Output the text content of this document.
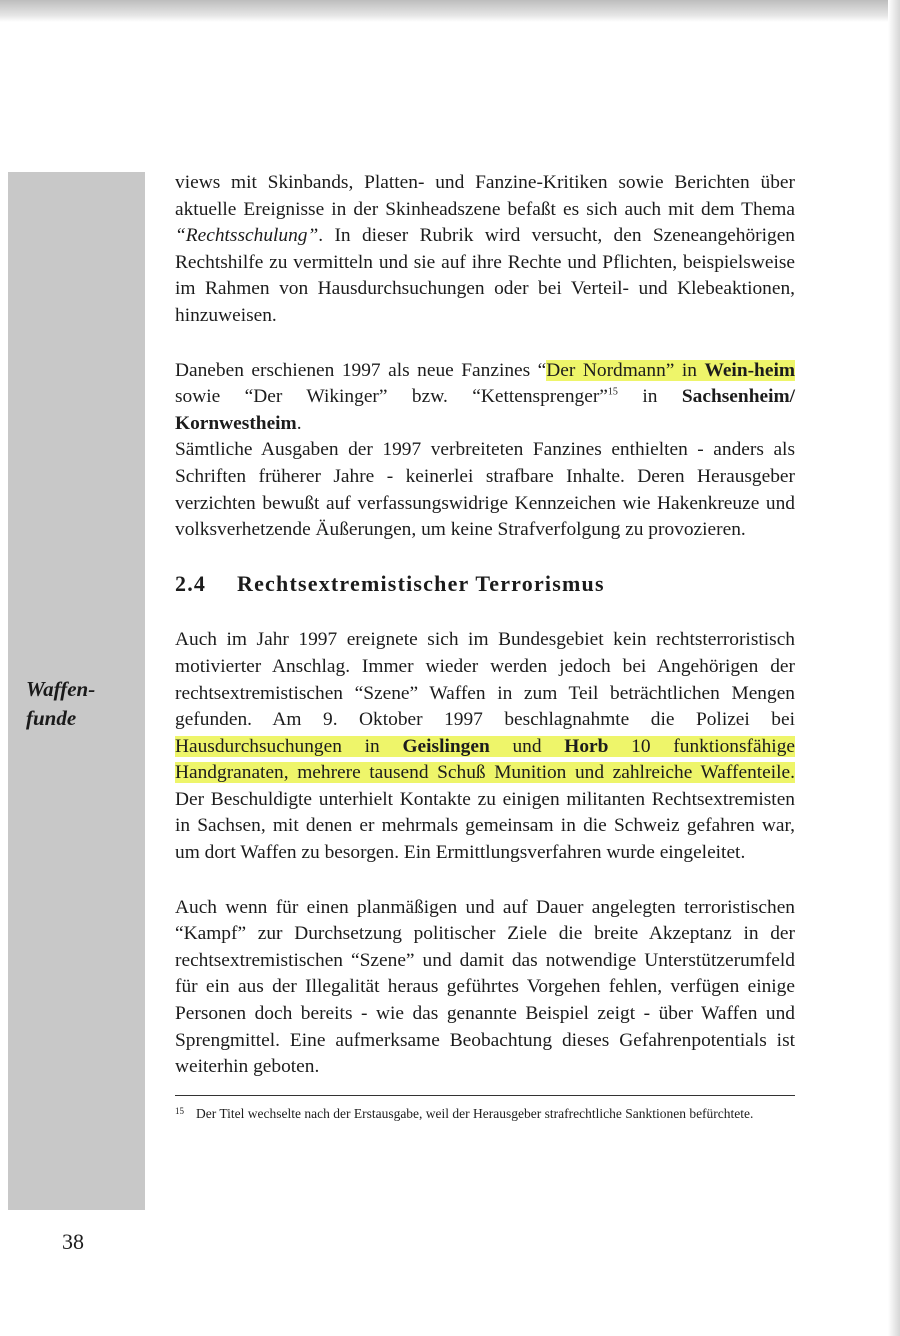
Waffen-
funde

views mit Skinbands, Platten- und Fanzine-Kritiken sowie Berichten über aktuelle Ereignisse in der Skinheadszene befaßt es sich auch mit dem Thema “Rechtsschulung”. In dieser Rubrik wird versucht, den Szeneangehörigen Rechtshilfe zu vermitteln und sie auf ihre Rechte und Pflichten, beispielsweise im Rahmen von Hausdurchsuchungen oder bei Verteil- und Klebeaktionen, hinzuweisen.

Daneben erschienen 1997 als neue Fanzines “Der Nordmann” in Wein-heim sowie “Der Wikinger” bzw. “Kettensprenger”$^{15}$ in Sachsenheim/ Kornwestheim.

Sämtliche Ausgaben der 1997 verbreiteten Fanzines enthielten - anders als Schriften früherer Jahre - keinerlei strafbare Inhalte. Deren Herausgeber verzichten bewußt auf verfassungswidrige Kennzeichen wie Hakenkreuze und volksverhetzende Äußerungen, um keine Strafverfolgung zu provozieren.

2.4 Rechtsextremistischer Terrorismus

Auch im Jahr 1997 ereignete sich im Bundesgebiet kein rechtsterroristisch motivierter Anschlag. Immer wieder werden jedoch bei Angehörigen der rechtsextremistischen “Szene” Waffen in zum Teil beträchtlichen Mengen gefunden. Am 9. Oktober 1997 beschlagnahmte die Polizei bei Hausdurchsuchungen in Geislingen und Horb 10 funktionsfähige Handgranaten, mehrere tausend Schuß Munition und zahlreiche Waffenteile. Der Beschuldigte unterhielt Kontakte zu einigen militanten Rechtsextremisten in Sachsen, mit denen er mehrmals gemeinsam in die Schweiz gefahren war, um dort Waffen zu besorgen. Ein Ermittlungsverfahren wurde eingeleitet.

Auch wenn für einen planmäßigen und auf Dauer angelegten terroristischen “Kampf” zur Durchsetzung politischer Ziele die breite Akzeptanz in der rechtsextremistischen “Szene” und damit das notwendige Unterstützerumfeld für ein aus der Illegalität heraus geführtes Vorgehen fehlen, verfügen einige Personen doch bereits - wie das genannte Beispiel zeigt - über Waffen und Sprengmittel. Eine aufmerksame Beobachtung dieses Gefahrenpotentials ist weiterhin geboten.

$^{15}$ Der Titel wechselte nach der Erstausgabe, weil der Herausgeber strafrechtliche Sanktionen befürchtete.
38
